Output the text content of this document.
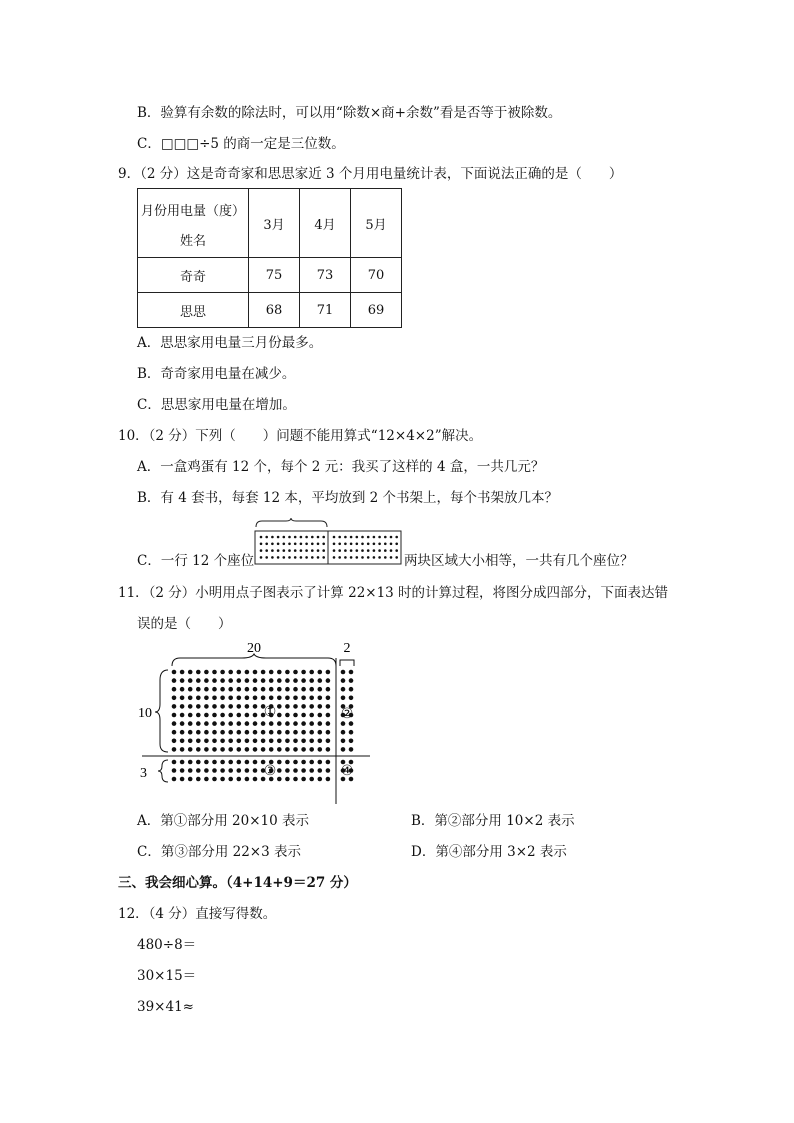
B．验算有余数的除法时，可以用“除数×商+余数”看是否等于被除数。
C．□□□÷5 的商一定是三位数。
9．（2 分）这是奇奇家和思思家近 3 个月用电量统计表，下面说法正确的是（　　）
月份用电量（度）
姓名	3月	4月	5月
奇奇	75	73	70
思思	68	71	69
A．思思家用电量三月份最多。
B．奇奇家用电量在减少。
C．思思家用电量在增加。
10．（2 分）下列（　　）问题不能用算式“12×4×2”解决。
A．一盒鸡蛋有 12 个，每个 2 元：我买了这样的 4 盒，一共几元？
B．有 4 套书，每套 12 本，平均放到 2 个书架上，每个书架放几本？
C．一行 12 个座位	两块区域大小相等，一共有几个座位？
11．（2 分）小明用点子图表示了计算 22×13 时的计算过程，将图分成四部分，下面表达错
误的是（　　）
20	2
10
3
①	②
③	④
A．第①部分用 20×10 表示	B．第②部分用 10×2 表示
C．第③部分用 22×3 表示	D．第④部分用 3×2 表示
三、我会细心算。（4+14+9＝27 分）
12．（4 分）直接写得数。
480÷8＝
30×15＝
39×41≈
